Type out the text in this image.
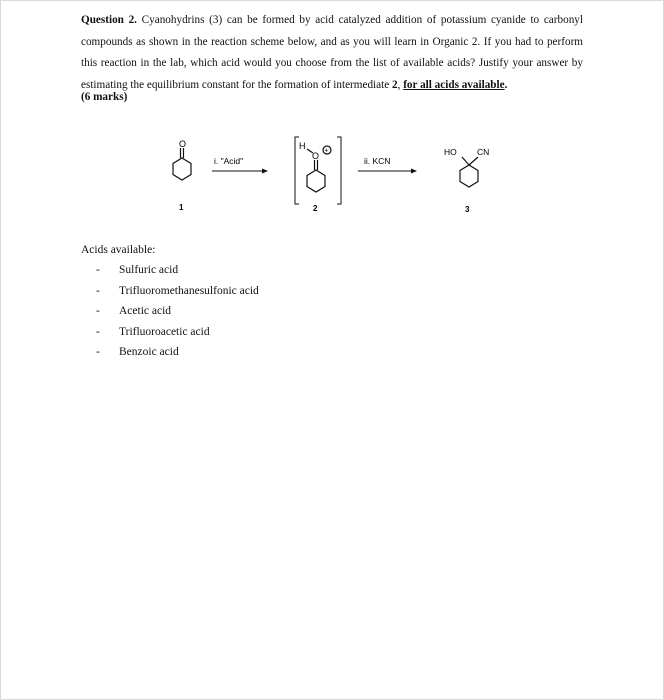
Question 2. Cyanohydrins (3) can be formed by acid catalyzed addition of potassium cyanide to carbonyl compounds as shown in the reaction scheme below, and as you will learn in Organic 2. If you had to perform this reaction in the lab, which acid would you choose from the list of available acids? Justify your answer by estimating the equilibrium constant for the formation of intermediate 2, for all acids available.
(6 marks)
O
1
i. "Acid"
H
O +
2
ii. KCN
HO CN
3
Acids available:
-	Sulfuric acid
-	Trifluoromethanesulfonic acid
-	Acetic acid
-	Trifluoroacetic acid
-	Benzoic acid
